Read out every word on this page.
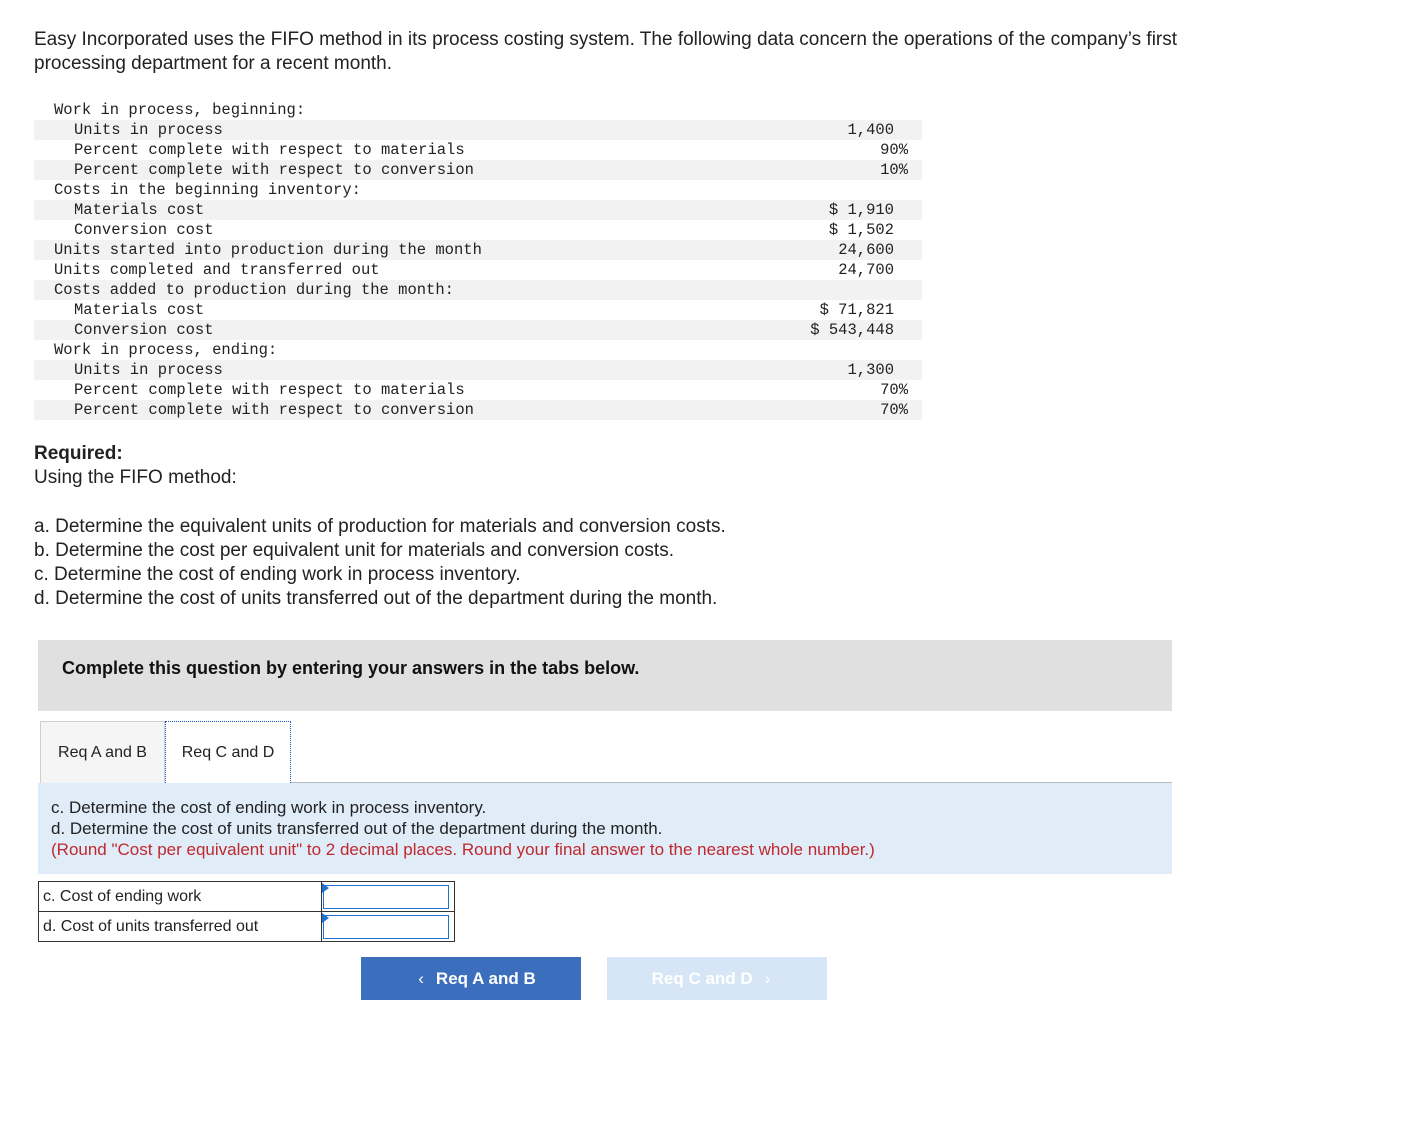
Easy Incorporated uses the FIFO method in its process costing system. The following data concern the operations of the company’s first processing department for a recent month.

Work in process, beginning:	
Units in process	1,400
Percent complete with respect to materials	90%
Percent complete with respect to conversion	10%
Costs in the beginning inventory:	
Materials cost	$ 1,910
Conversion cost	$ 1,502
Units started into production during the month	24,600
Units completed and transferred out	24,700
Costs added to production during the month:	
Materials cost	$ 71,821
Conversion cost	$ 543,448
Work in process, ending:	
Units in process	1,300
Percent complete with respect to materials	70%
Percent complete with respect to conversion	70%

Required:

Using the FIFO method:

a. Determine the equivalent units of production for materials and conversion costs.
b. Determine the cost per equivalent unit for materials and conversion costs.
c. Determine the cost of ending work in process inventory.
d. Determine the cost of units transferred out of the department during the month.
Complete this question by entering your answers in the tabs below.
Req A and B	Req C and D
c. Determine the cost of ending work in process inventory.
d. Determine the cost of units transferred out of the department during the month.
(Round "Cost per equivalent unit" to 2 decimal places. Round your final answer to the nearest whole number.)
c. Cost of ending work	

d. Cost of units transferred out	
‹ Req A and B	Req C and D ›
